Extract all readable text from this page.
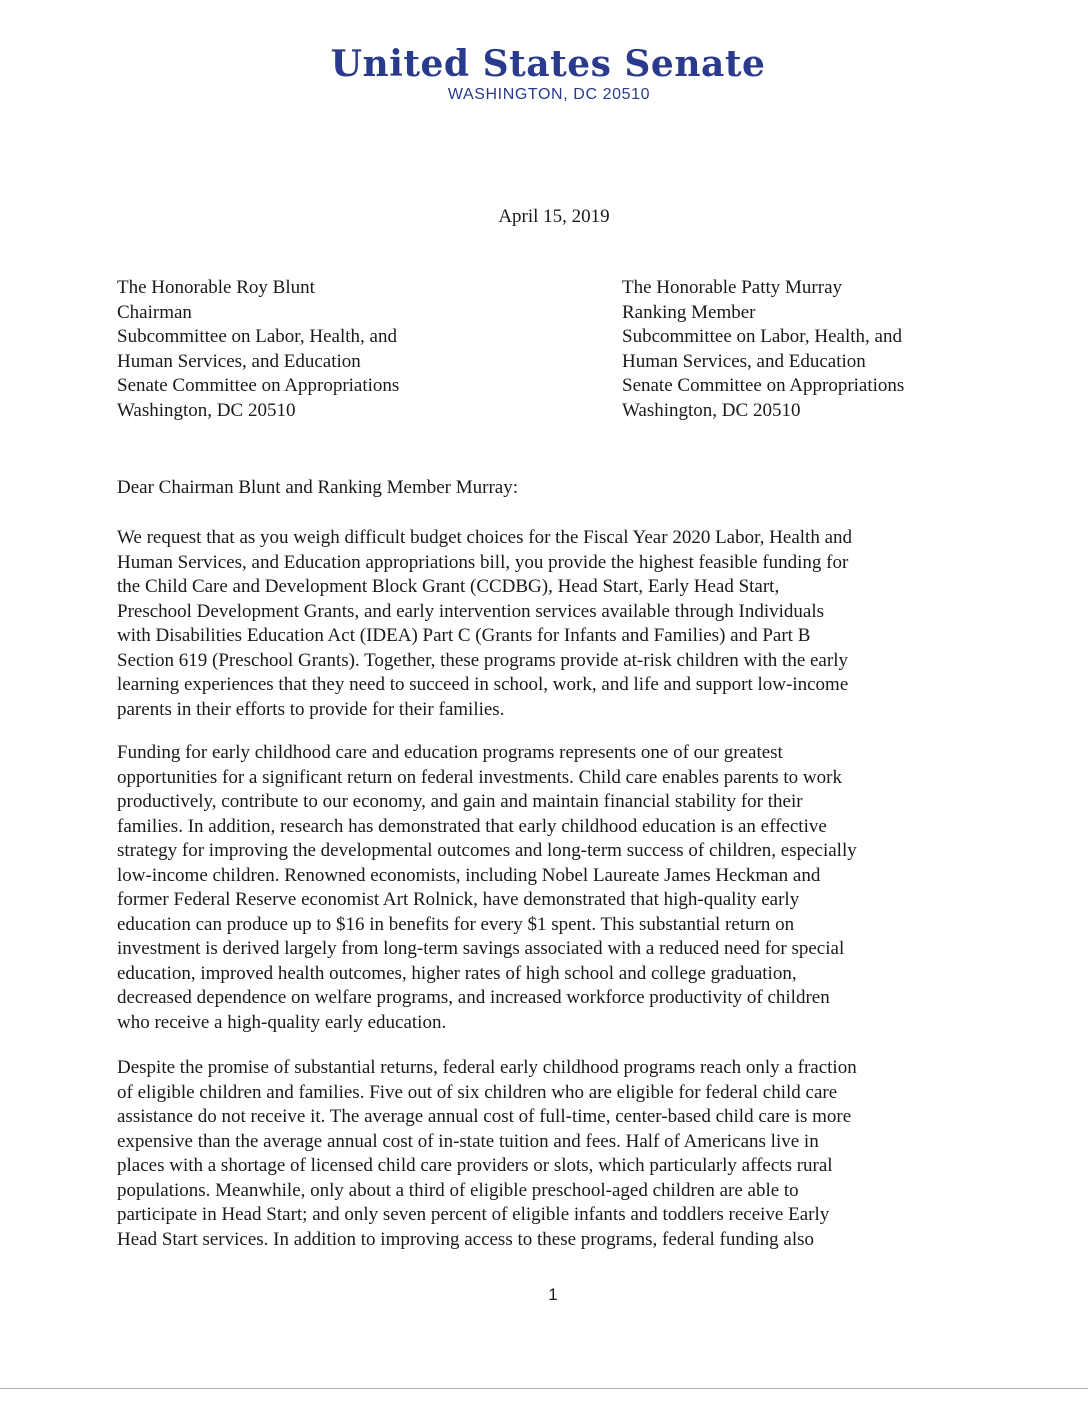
United States Senate
WASHINGTON, DC 20510
April 15, 2019
The Honorable Roy Blunt
Chairman
Subcommittee on Labor, Health, and
Human Services, and Education
Senate Committee on Appropriations
Washington, DC 20510
The Honorable Patty Murray
Ranking Member
Subcommittee on Labor, Health, and
Human Services, and Education
Senate Committee on Appropriations
Washington, DC 20510
Dear Chairman Blunt and Ranking Member Murray:
We request that as you weigh difficult budget choices for the Fiscal Year 2020 Labor, Health and
Human Services, and Education appropriations bill, you provide the highest feasible funding for
the Child Care and Development Block Grant (CCDBG), Head Start, Early Head Start,
Preschool Development Grants, and early intervention services available through Individuals
with Disabilities Education Act (IDEA) Part C (Grants for Infants and Families) and Part B
Section 619 (Preschool Grants). Together, these programs provide at-risk children with the early
learning experiences that they need to succeed in school, work, and life and support low-income
parents in their efforts to provide for their families.
Funding for early childhood care and education programs represents one of our greatest
opportunities for a significant return on federal investments. Child care enables parents to work
productively, contribute to our economy, and gain and maintain financial stability for their
families. In addition, research has demonstrated that early childhood education is an effective
strategy for improving the developmental outcomes and long-term success of children, especially
low-income children. Renowned economists, including Nobel Laureate James Heckman and
former Federal Reserve economist Art Rolnick, have demonstrated that high-quality early
education can produce up to $16 in benefits for every $1 spent. This substantial return on
investment is derived largely from long-term savings associated with a reduced need for special
education, improved health outcomes, higher rates of high school and college graduation,
decreased dependence on welfare programs, and increased workforce productivity of children
who receive a high-quality early education.
Despite the promise of substantial returns, federal early childhood programs reach only a fraction
of eligible children and families. Five out of six children who are eligible for federal child care
assistance do not receive it. The average annual cost of full-time, center-based child care is more
expensive than the average annual cost of in-state tuition and fees. Half of Americans live in
places with a shortage of licensed child care providers or slots, which particularly affects rural
populations. Meanwhile, only about a third of eligible preschool-aged children are able to
participate in Head Start; and only seven percent of eligible infants and toddlers receive Early
Head Start services. In addition to improving access to these programs, federal funding also
1
